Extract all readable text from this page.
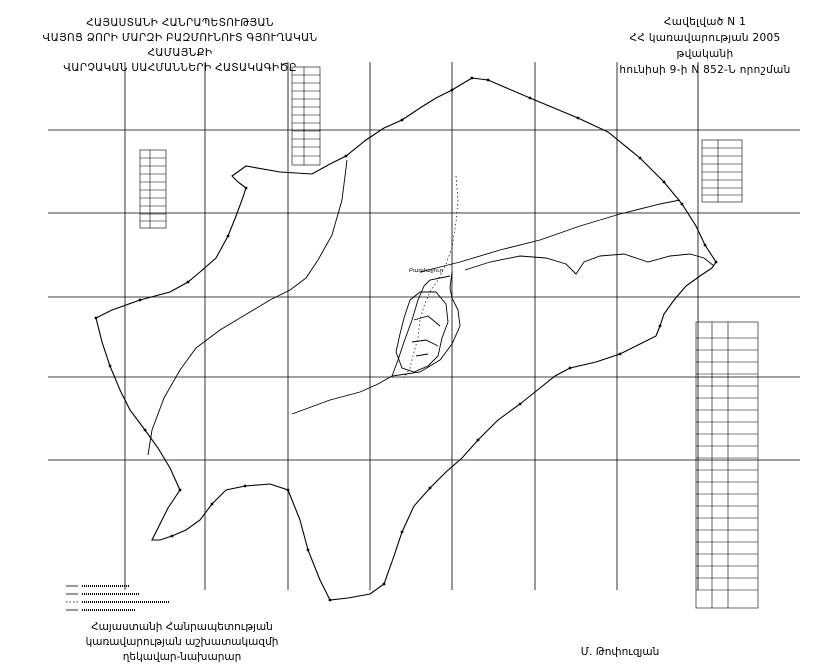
ՀԱՅԱՍՏԱՆԻ ՀԱՆՐԱՊԵՏՈՒԹՅԱՆ
ՎԱՅՈՑ ՁՈՐԻ ՄԱՐԶԻ ԲԱԶՄՈՒՆՈՒՏ ԳՅՈՒՂԱԿԱՆ ՀԱՄԱՅՆՔԻ
ՎԱՐՉԱԿԱՆ ՍԱՀՄԱՆՆԵՐԻ ՀԱՏԱԿԱԳԻԾԸ
Հավելված N 1
ՀՀ կառավարության 2005 թվականի
հունիսի 9-ի N 852-Ն որոշման
Բազմաջուր
Հայաստանի Հանրապետության
կառավարության աշխատակազմի
ղեկավար-նախարար	Մ. Թոփուզյան
